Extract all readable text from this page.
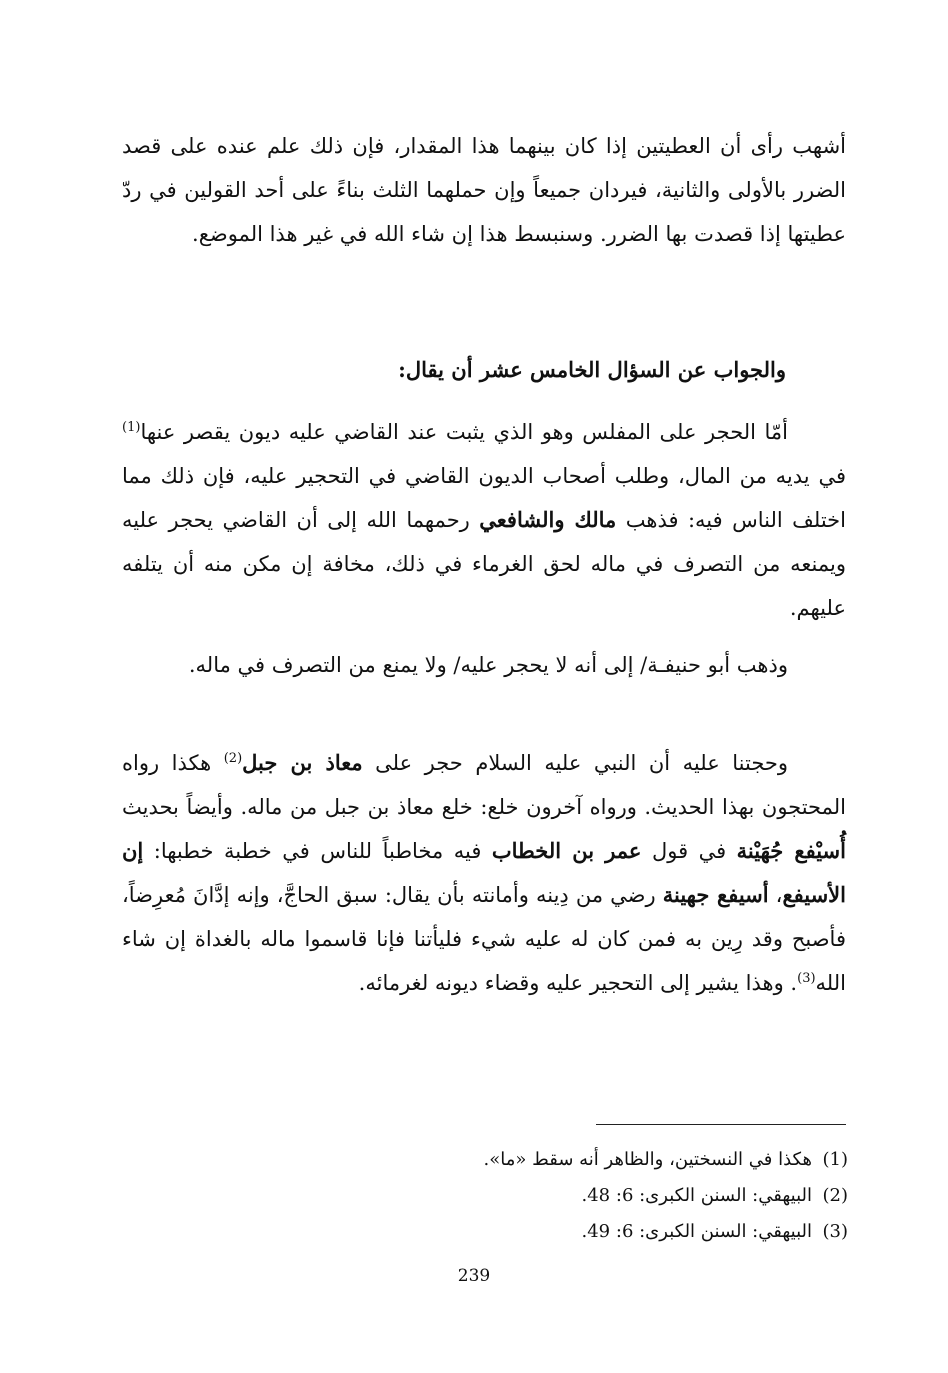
أشهب رأى أن العطيتين إذا كان بينهما هذا المقدار، فإن ذلك علم عنده على قصد الضرر بالأولى والثانية، فيردان جميعاً وإن حملهما الثلث بناءً على أحد القولين في ردّ عطيتها إذا قصدت بها الضرر. وسنبسط هذا إن شاء الله في غير هذا الموضع.
والجواب عن السؤال الخامس عشر أن يقال:
أمّا الحجر على المفلس وهو الذي يثبت عند القاضي عليه ديون يقصر عنها$^{(1)}$ في يديه من المال، وطلب أصحاب الديون القاضي في التحجير عليه، فإن ذلك مما اختلف الناس فيه: فذهب مالك والشافعي رحمهما الله إلى أن القاضي يحجر عليه ويمنعه من التصرف في ماله لحق الغرماء في ذلك، مخافة إن مكن منه أن يتلفه عليهم.
وذهب أبو حنيفـة/ إلى أنه لا يحجر عليه/ ولا يمنع من التصرف في ماله.
وحجتنا عليه أن النبي عليه السلام حجر على معاذ بن جبل$^{(2)}$ هكذا رواه المحتجون بهذا الحديث. ورواه آخرون خلع: خلع معاذ بن جبل من ماله. وأيضاً بحديث أُسيْفع جُهَيْنة في قول عمر بن الخطاب فيه مخاطباً للناس في خطبة خطبها: إن الأسيفع، أسيفع جهينة رضي من دِينه وأمانته بأن يقال: سبق الحاجَّ، وإنه إدَّانَ مُعرِضاً، فأصبح وقد رِين به فمن كان له عليه شيء فليأتنا فإنا قاسموا ماله بالغداة إن شاء الله$^{(3)}$. وهذا يشير إلى التحجير عليه وقضاء ديونه لغرمائه.
(1)هكذا في النسختين، والظاهر أنه سقط «ما».
(2)البيهقي: السنن الكبرى: 6: 48.
(3)البيهقي: السنن الكبرى: 6: 49.
239
